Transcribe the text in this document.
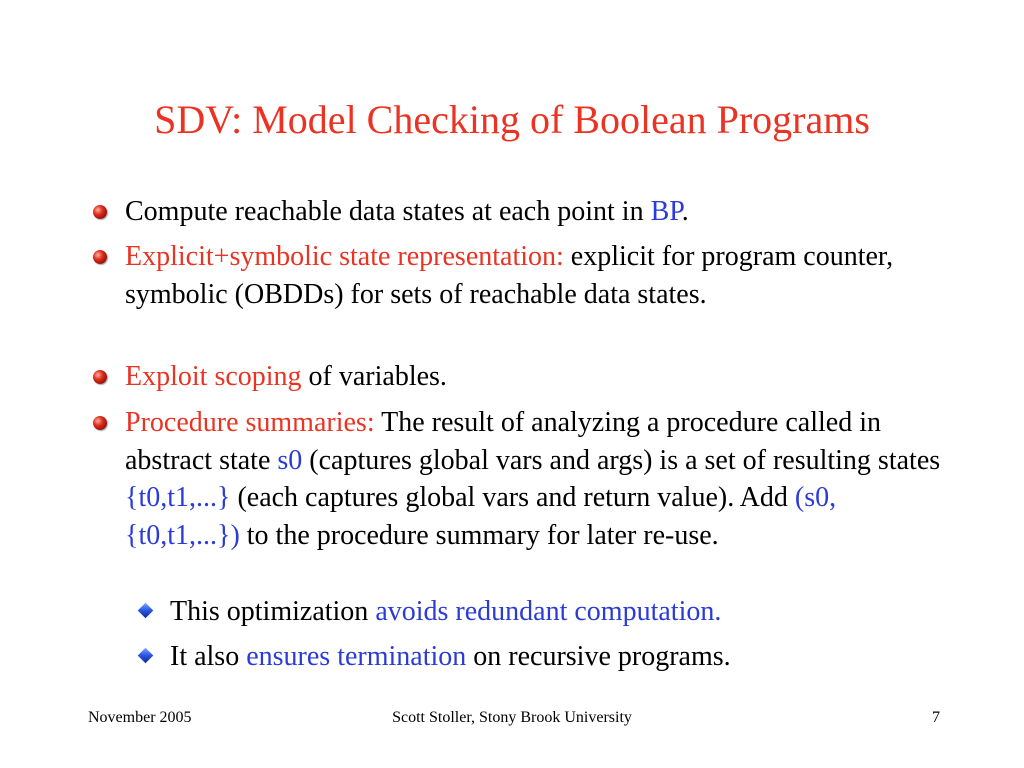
SDV: Model Checking of Boolean Programs
Compute reachable data states at each point in BP.
Explicit+symbolic state representation: explicit for program counter, symbolic (OBDDs) for sets of reachable data states.
Exploit scoping of variables.
Procedure summaries: The result of analyzing a procedure called in abstract state s0 (captures global vars and args) is a set of resulting states {t0,t1,...} (each captures global vars and return value). Add (s0, {t0,t1,...}) to the procedure summary for later re-use.
This optimization avoids redundant computation.
It also ensures termination on recursive programs.
November 2005	Scott Stoller, Stony Brook University	7
